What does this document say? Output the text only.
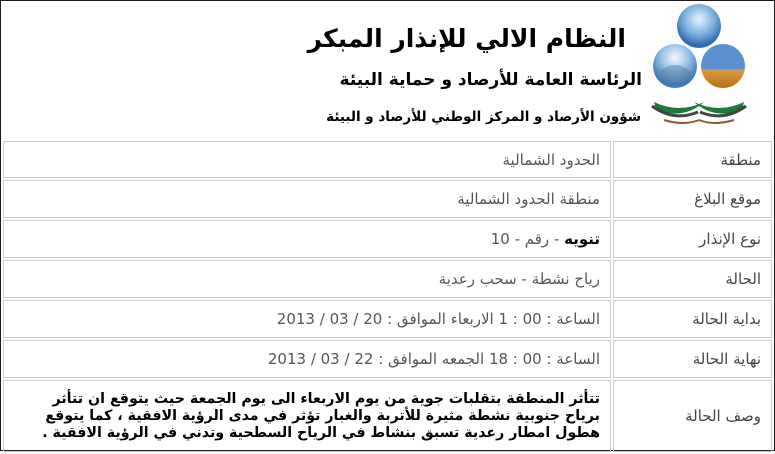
النظام الالي للإنذار المبكر
الرئاسة العامة للأرصاد و حماية البيئة
شؤون الأرصاد و المركز الوطني للأرصاد و البيئة
منطقة	الحدود الشمالية
موقع البلاغ	منطقة الحدود الشمالية
نوع الإنذار	تنويه - رقم - 10
الحالة	رياح نشطة - سحب رعدية
بداية الحالة	الساعة : 00 : 1 الاربعاء الموافق : 20 / 03 / 2013
نهاية الحالة	الساعة : 00 : 18 الجمعه الموافق : 22 / 03 / 2013
وصف الحالة	تتأثر المنطقة بتقلبات جوية من يوم الاربعاء الى يوم الجمعة حيث يتوقع ان تتأثر برياح جنوبية نشطة مثيرة للأتربة والغبار تؤثر في مدى الرؤية الافقية ، كما يتوقع هطول امطار رعدية تسبق بنشاط في الرياح السطحية وتدني في الرؤية الافقية .
